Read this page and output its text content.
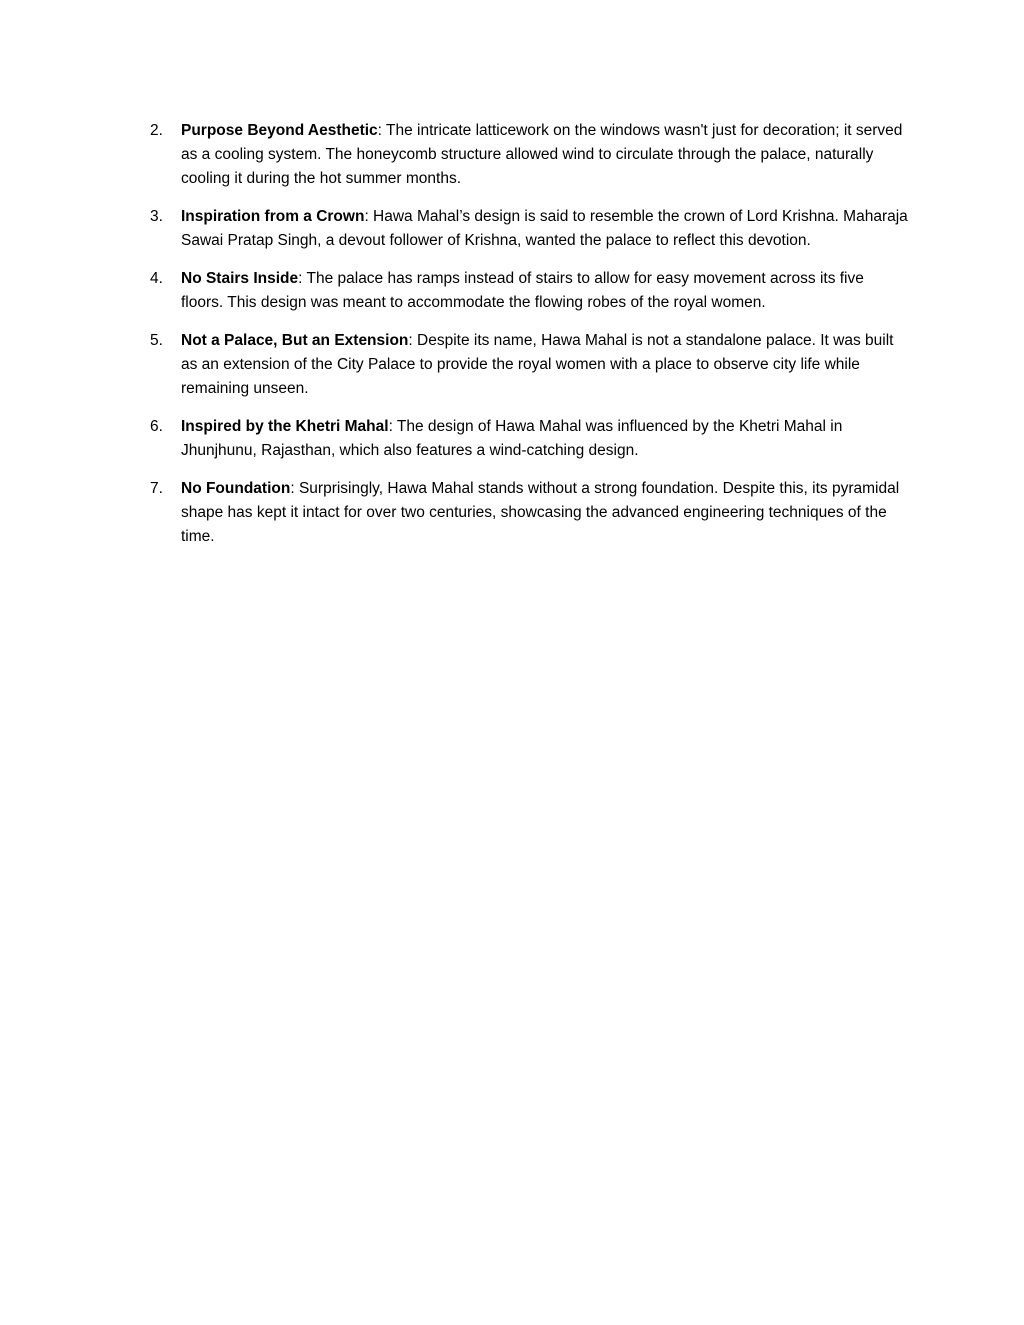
2. Purpose Beyond Aesthetic: The intricate latticework on the windows wasn't just for decoration; it served as a cooling system. The honeycomb structure allowed wind to circulate through the palace, naturally cooling it during the hot summer months.
3. Inspiration from a Crown: Hawa Mahal’s design is said to resemble the crown of Lord Krishna. Maharaja Sawai Pratap Singh, a devout follower of Krishna, wanted the palace to reflect this devotion.
4. No Stairs Inside: The palace has ramps instead of stairs to allow for easy movement across its five floors. This design was meant to accommodate the flowing robes of the royal women.
5. Not a Palace, But an Extension: Despite its name, Hawa Mahal is not a standalone palace. It was built as an extension of the City Palace to provide the royal women with a place to observe city life while remaining unseen.
6. Inspired by the Khetri Mahal: The design of Hawa Mahal was influenced by the Khetri Mahal in Jhunjhunu, Rajasthan, which also features a wind-catching design.
7. No Foundation: Surprisingly, Hawa Mahal stands without a strong foundation. Despite this, its pyramidal shape has kept it intact for over two centuries, showcasing the advanced engineering techniques of the time.
